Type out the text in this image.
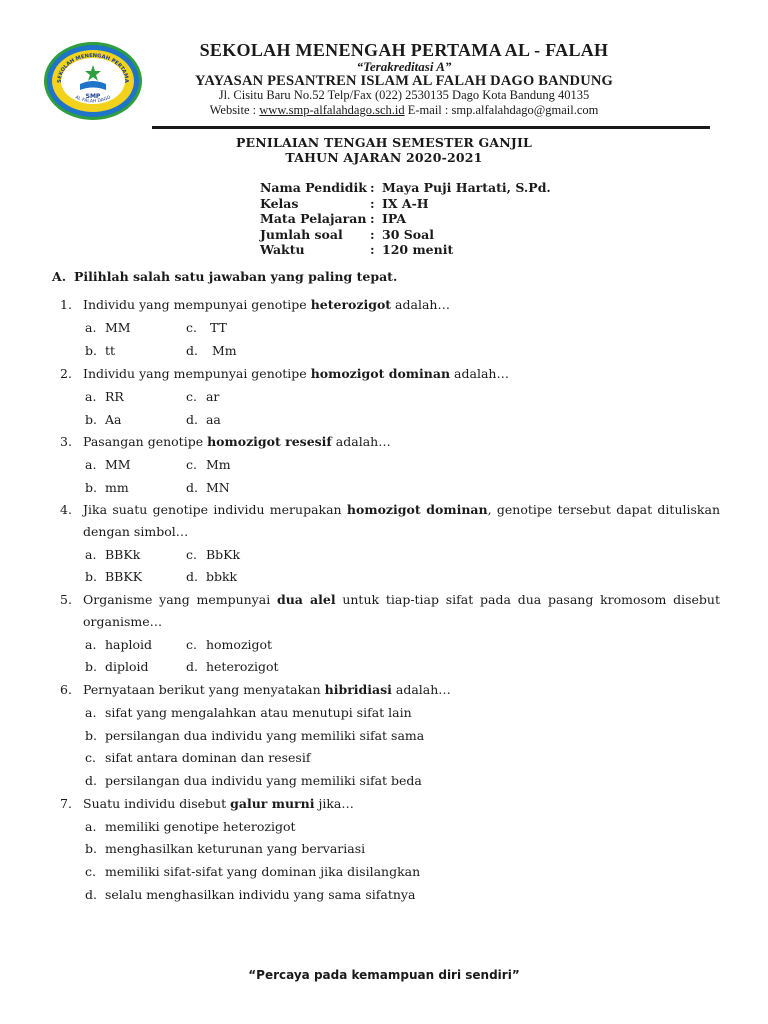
SEKOLAH MENENGAH PERTAMA
AL FALAH DAGO
SMP
SEKOLAH MENENGAH PERTAMA AL - FALAH
“Terakreditasi A”
YAYASAN PESANTREN ISLAM AL FALAH DAGO BANDUNG
Jl. Cisitu Baru No.52 Telp/Fax (022) 2530135 Dago Kota Bandung 40135
Website : www.smp-alfalahdago.sch.id E-mail : smp.alfalahdago@gmail.com
PENILAIAN TENGAH SEMESTER GANJIL
TAHUN AJARAN 2020-2021
Nama Pendidik : Maya Puji Hartati, S.Pd.
Kelas	: IX A-H
Mata Pelajaran : IPA
Jumlah soal	: 30 Soal
Waktu	: 120 menit
A. Pilihlah salah satu jawaban yang paling tepat.
1. Individu yang mempunyai genotipe heterozigot adalah…
a. MM
b. tt
c. TT
d. Mm
2. Individu yang mempunyai genotipe homozigot dominan adalah…
a. RR
b. Aa
c. ar
d. aa
3. Pasangan genotipe homozigot resesif adalah…
a. MM
b. mm
c. Mm
d. MN
4. Jika suatu genotipe individu merupakan homozigot dominan, genotipe tersebut dapat dituliskan
dengan simbol…
a. BBKk
b. BBKK
c. BbKk
d. bbkk
5. Organisme yang mempunyai dua alel untuk tiap-tiap sifat pada dua pasang kromosom disebut
organisme…
a. haploid
b. diploid
c. homozigot
d. heterozigot
6. Pernyataan berikut yang menyatakan hibridiasi adalah…
a. sifat yang mengalahkan atau menutupi sifat lain
b. persilangan dua individu yang memiliki sifat sama
c. sifat antara dominan dan resesif
d. persilangan dua individu yang memiliki sifat beda
7. Suatu individu disebut galur murni jika…
a. memiliki genotipe heterozigot
b. menghasilkan keturunan yang bervariasi
c. memiliki sifat-sifat yang dominan jika disilangkan
d. selalu menghasilkan individu yang sama sifatnya
“Percaya pada kemampuan diri sendiri”
